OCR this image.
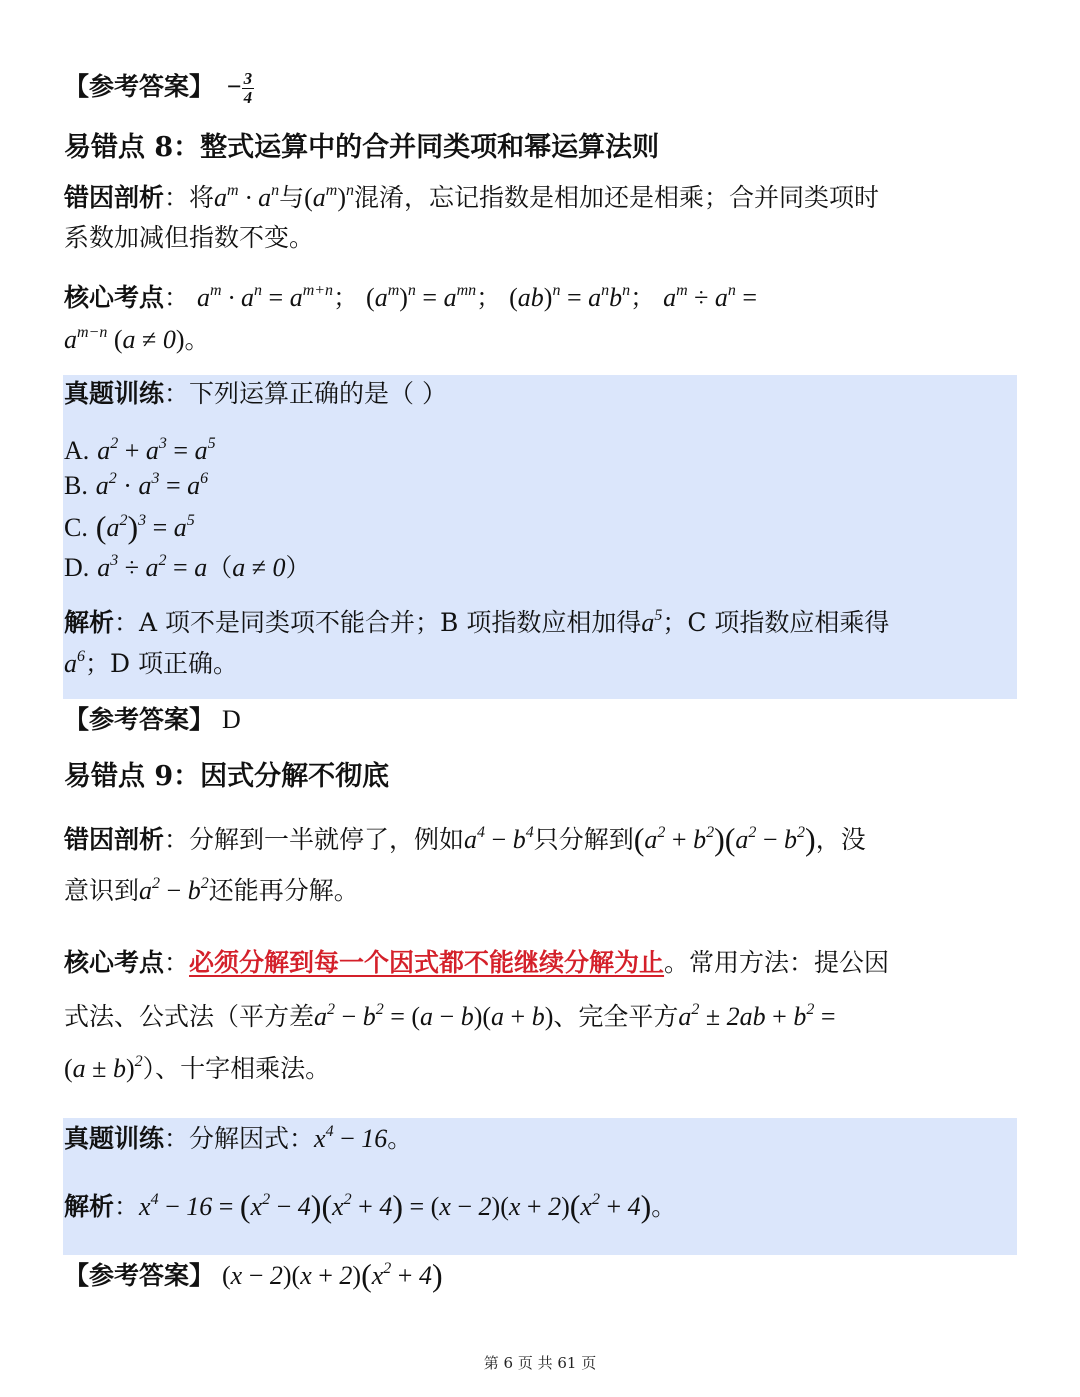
【参考答案】 − $\frac{3}{4}$
易错点 8：整式运算中的合并同类项和幂运算法则
错因剖析：将$a^m \cdot a^n$与$(a^m)^n$混淆，忘记指数是相加还是相乘；合并同类项时
系数加减但指数不变。
核心考点： $a^m \cdot a^n = a^{m+n}$； $(a^m)^n = a^{mn}$； $(ab)^n = a^nb^n$； $a^m \div a^n$ =
$a^{m-n}$ (a ≠ 0)。
真题训练：下列运算正确的是（ ）
A. $a^2 + a^3 = a^5$
B. $a^2 \cdot a^3 = a^6$
C. $(a^2)^3 = a^5$
D. $a^3 \div a^2 = a(a \ne 0)$
解析：A 项不是同类项不能合并；B 项指数应相加得$a^5$；C 项指数应相乘得
$a^6$；D 项正确。
【参考答案】 D
易错点 9：因式分解不彻底
错因剖析：分解到一半就停了，例如$a^4 - b^4$只分解到$(a^2 + b^2)(a^2 - b^2)$，没
意识到$a^2 - b^2$还能再分解。
核心考点：必须分解到每一个因式都不能继续分解为止。常用方法：提公因
式法、公式法（平方差$a^2 - b^2 = (a - b)(a + b)$、完全平方$a^2 \pm 2ab + b^2$ =
$(a \pm b)^2$）、十字相乘法。
真题训练：分解因式：$x^4 - 16$。
解析：$x^4 - 16 = (x^2 - 4)(x^2 + 4) = (x - 2)(x + 2)(x^2 + 4)$。
【参考答案】 $(x - 2)(x + 2)(x^2 + 4)$
第 6 页 共 61 页
